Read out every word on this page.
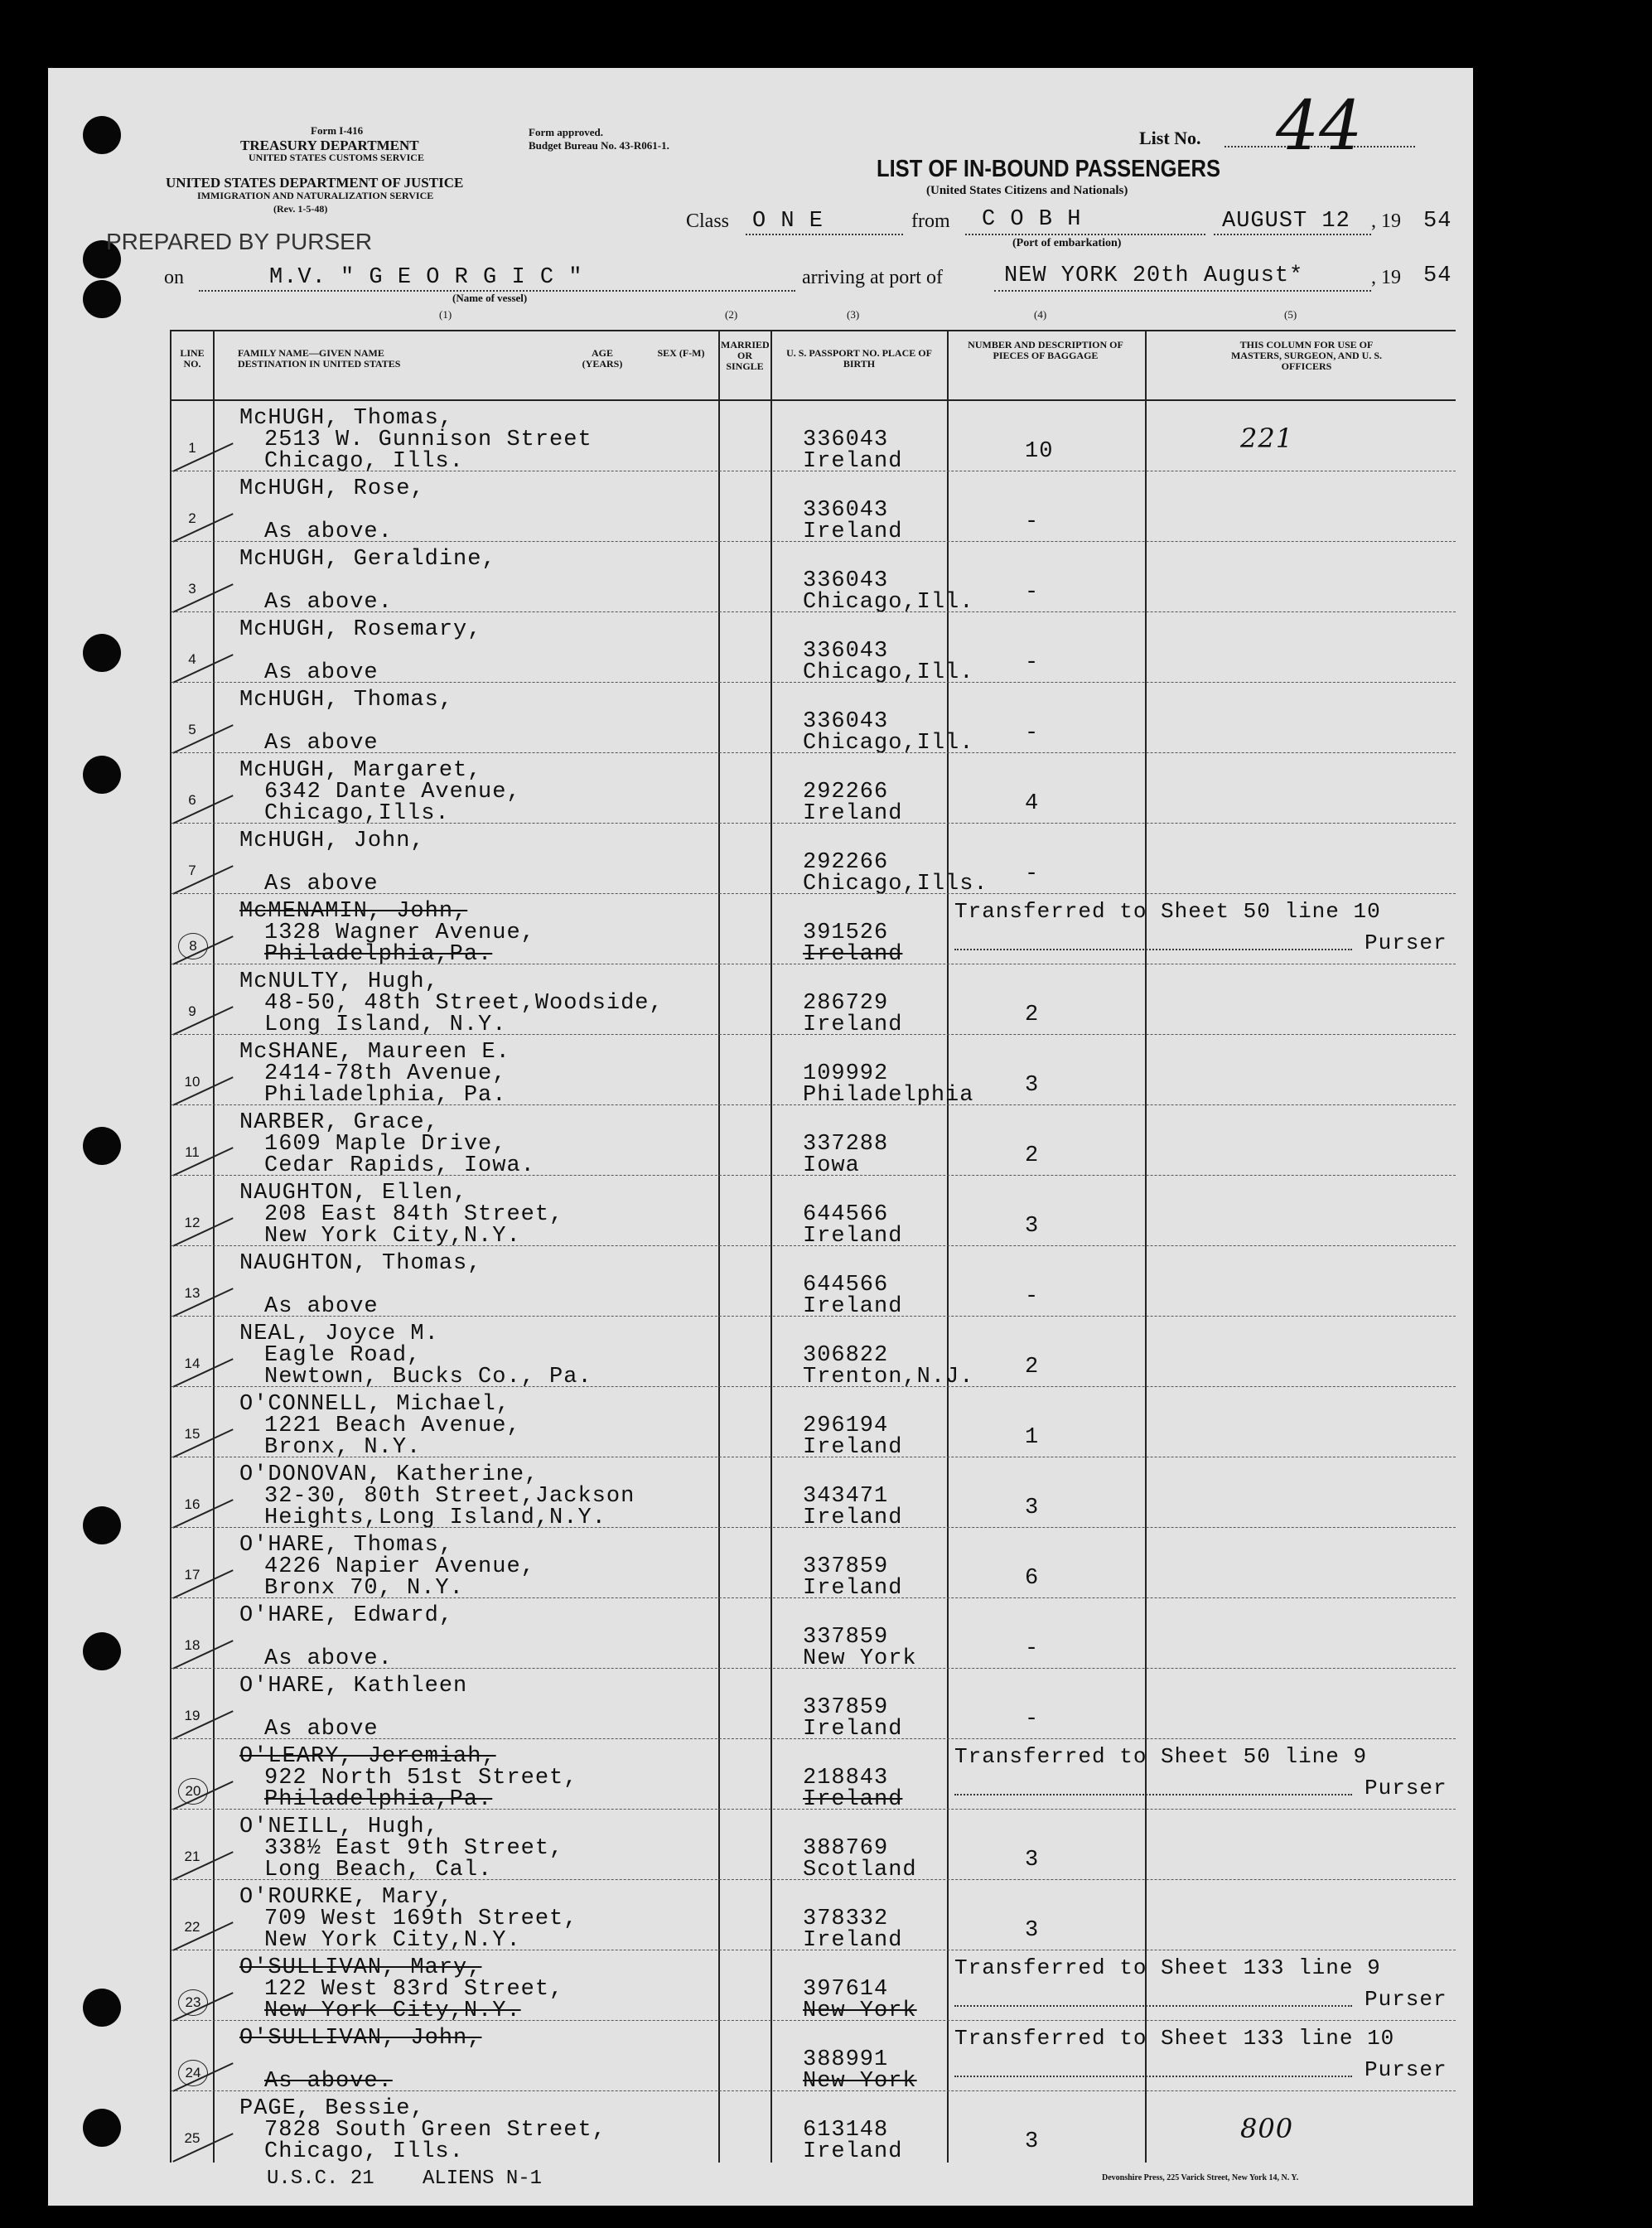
Form I-416
TREASURY DEPARTMENT
UNITED STATES CUSTOMS SERVICE
Form approved.
Budget Bureau No. 43-R061-1.
UNITED STATES DEPARTMENT OF JUSTICE
IMMIGRATION AND NATURALIZATION SERVICE
(Rev. 1-5-48)
List No. 44
LIST OF IN-BOUND PASSENGERS
(United States Citizens and Nationals)
PREPARED BY PURSER
Class O N E	from C O B H
(Port of embarkation)
AUGUST 12 , 19 54
on	M.V. " G E O R G I C "
(Name of vessel)
arriving at port of	NEW YORK 20th August*	, 19 54
(1)	(2)	(3)	(4)	(5)
LINE NO.
FAMILY NAME—GIVEN NAME DESTINATION IN UNITED STATES
AGE (YEARS)
SEX (F-M)
MARRIED OR SINGLE
U. S. PASSPORT NO. PLACE OF BIRTH
NUMBER AND DESCRIPTION OF PIECES OF BAGGAGE
THIS COLUMN FOR USE OF MASTERS, SURGEON, AND U. S. OFFICERS
1
McHUGH, Thomas,
2513 W. Gunnison Street
Chicago, Ills.
336043
Ireland	10	221
2
McHUGH, Rose,
As above.
336043
Ireland	-
3
McHUGH, Geraldine,
As above.
336043
Chicago,Ill. -
4
McHUGH, Rosemary,
As above
336043
Chicago,Ill. -
5
McHUGH, Thomas,
As above
336043
Chicago,Ill. -
6
McHUGH, Margaret,
6342 Dante Avenue,
Chicago,Ills.
292266
Ireland	4
7
McHUGH, John,
As above
292266
Chicago,Ills. -
8
McMENAMIN, John,
1328 Wagner Avenue,
Philadelphia,Pa.
391526
Ireland
Transferred to Sheet 50 line 10
Purser
9
McNULTY, Hugh,
48-50, 48th Street,Woodside,
Long Island, N.Y.
286729
Ireland	2
10
McSHANE, Maureen E.
2414-78th Avenue,
Philadelphia, Pa.
109992
Philadelphia 3
11
NARBER, Grace,
1609 Maple Drive,
Cedar Rapids, Iowa.
337288
Iowa	2
12
NAUGHTON, Ellen,
208 East 84th Street,
New York City,N.Y.
644566
Ireland	3
13
NAUGHTON, Thomas,
As above
644566
Ireland	-
14
NEAL, Joyce M.
Eagle Road,
Newtown, Bucks Co., Pa.
306822
Trenton,N.J. 2
15
O'CONNELL, Michael,
1221 Beach Avenue,
Bronx, N.Y.
296194
Ireland	1
16
O'DONOVAN, Katherine,
32-30, 80th Street,Jackson
Heights,Long Island,N.Y.
343471
Ireland	3
17
O'HARE, Thomas,
4226 Napier Avenue,
Bronx 70, N.Y.
337859
Ireland	6
18
O'HARE, Edward,
As above.
337859
New York	-
19
O'HARE, Kathleen
As above
337859
Ireland	-
20
O'LEARY, Jeremiah,
922 North 51st Street,
Philadelphia,Pa.
218843
Ireland
Transferred to Sheet 50 line 9
Purser
21
O'NEILL, Hugh,
338½ East 9th Street,
Long Beach, Cal.
388769
Scotland	3
22
O'ROURKE, Mary,
709 West 169th Street,
New York City,N.Y.
378332
Ireland	3
23
O'SULLIVAN, Mary,
122 West 83rd Street,
New York City,N.Y.
397614
New York
Transferred to Sheet 133 line 9
Purser
24
O'SULLIVAN, John,
As above.
388991
New York
Transferred to Sheet 133 line 10
Purser
25
PAGE, Bessie,
7828 South Green Street,
Chicago, Ills.
613148
Ireland	3	800
U.S.C. 21 ALIENS N-1	Devonshire Press, 225 Varick Street, New York 14, N. Y.
